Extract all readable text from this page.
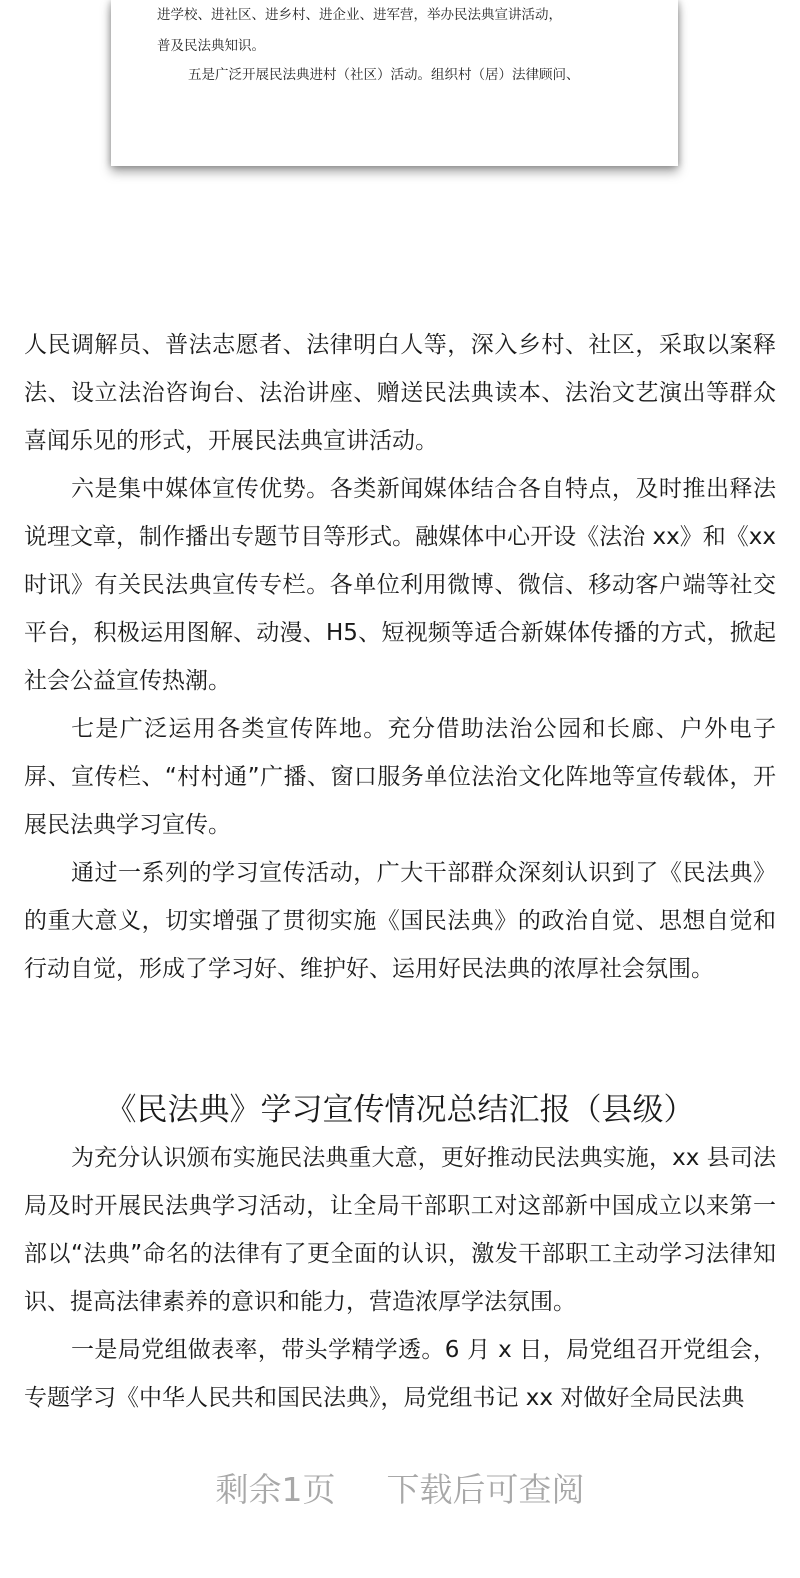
进学校、进社区、进乡村、进企业、进军营，举办民法典宣讲活动，
普及民法典知识。
五是广泛开展民法典进村（社区）活动。组织村（居）法律顾问、

人民调解员、普法志愿者、法律明白人等，深入乡村、社区，采取以案释法、设立法治咨询台、法治讲座、赠送民法典读本、法治文艺演出等群众喜闻乐见的形式，开展民法典宣讲活动。

六是集中媒体宣传优势。各类新闻媒体结合各自特点，及时推出释法说理文章，制作播出专题节目等形式。融媒体中心开设《法治 xx》和《xx 时讯》有关民法典宣传专栏。各单位利用微博、微信、移动客户端等社交平台，积极运用图解、动漫、H5、短视频等适合新媒体传播的方式，掀起社会公益宣传热潮。

七是广泛运用各类宣传阵地。充分借助法治公园和长廊、户外电子屏、宣传栏、“村村通”广播、窗口服务单位法治文化阵地等宣传载体，开展民法典学习宣传。

通过一系列的学习宣传活动，广大干部群众深刻认识到了《民法典》的重大意义，切实增强了贯彻实施《国民法典》的政治自觉、思想自觉和行动自觉，形成了学习好、维护好、运用好民法典的浓厚社会氛围。

《民法典》学习宣传情况总结汇报（县级）

为充分认识颁布实施民法典重大意，更好推动民法典实施，xx 县司法局及时开展民法典学习活动，让全局干部职工对这部新中国成立以来第一部以“法典”命名的法律有了更全面的认识，激发干部职工主动学习法律知识、提高法律素养的意识和能力，营造浓厚学法氛围。

一是局党组做表率，带头学精学透。6 月 x 日，局党组召开党组会，专题学习《中华人民共和国民法典》，局党组书记 xx 对做好全局民法典

剩余1页 下载后可查阅
